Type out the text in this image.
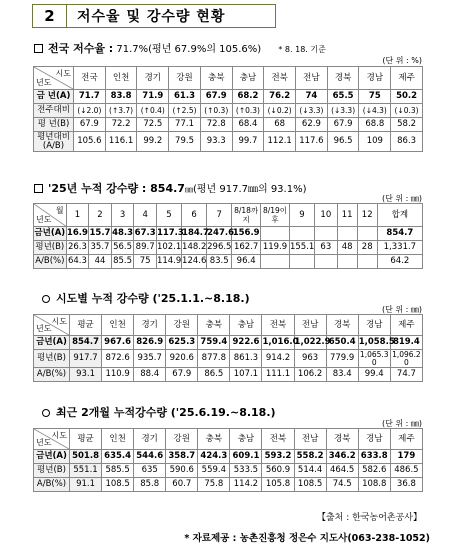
2	저수율 및 강수량 현황
전국 저수율 : 71.7%(평년 67.9%의 105.6%) * 8. 18. 기준
(단 위 : %)
시도
년도	전국	인천	경기	강원	충북	충남	전북	전남	경북	경남	제주
금 년(A)	71.7	83.8	71.9	61.3	67.9	68.2	76.2	74	65.5	75	50.2
전주대비	(↓2.0)	(↑3.7)	(↑0.4)	(↑2.5)	(↑0.3)	(↑0.3)	(↓0.2)	(↓3.3)	(↓3.3)	(↓4.3)	(↓0.3)
평 년(B)	67.9	72.2	72.5	77.1	72.8	68.4	68	62.9	67.9	68.8	58.2
평년대비(A/B)	105.6	116.1	99.2	79.5	93.3	99.7	112.1	117.6	96.5	109	86.3
'25년 누적 강수량 : 854.7㎜(평년 917.7㎜의 93.1%)
(단 위 : ㎜)
월
년도	1	2	3	4	5	6	7	8/18까지	8/19이후	9	10	11	12	합계
금년(A)	16.9	15.7	48.3	67.3	117.3	184.7	247.6	156.9						854.7
평년(B)	26.3	35.7	56.5	89.7	102.1	148.2	296.5	162.7	119.9	155.1	63	48	28	1,331.7
A/B(%)	64.3	44	85.5	75	114.9	124.6	83.5	96.4						64.2
시도별 누적 강수량 ('25.1.1.~8.18.)
(단 위 : ㎜)
시도
년도	평균	인천	경기	강원	충북	충남	전북	전남	경북	경남	제주
금년(A)	854.7	967.6	826.9	625.3	759.4	922.6	1,016.0	1,022.9	650.4	1,058.5	819.4
평년(B)	917.7	872.6	935.7	920.6	877.8	861.3	914.2	963	779.9	1,065.3 0	1,096.2 0
A/B(%)	93.1	110.9	88.4	67.9	86.5	107.1	111.1	106.2	83.4	99.4	74.7
최근 2개월 누적강수량 ('25.6.19.~8.18.)
(단 위 : ㎜)
시도
년도	평균	인천	경기	강원	충북	충남	전북	전남	경북	경남	제주
금년(A)	501.8	635.4	544.6	358.7	424.3	609.1	593.2	558.2	346.2	633.8	179
평년(B)	551.1	585.5	635	590.6	559.4	533.5	560.9	514.4	464.5	582.6	486.5
A/B(%)	91.1	108.5	85.8	60.7	75.8	114.2	105.8	108.5	74.5	108.8	36.8
【출처 : 한국농어촌공사】
* 자료제공 : 농촌진흥청 정은수 지도사(063-238-1052)
